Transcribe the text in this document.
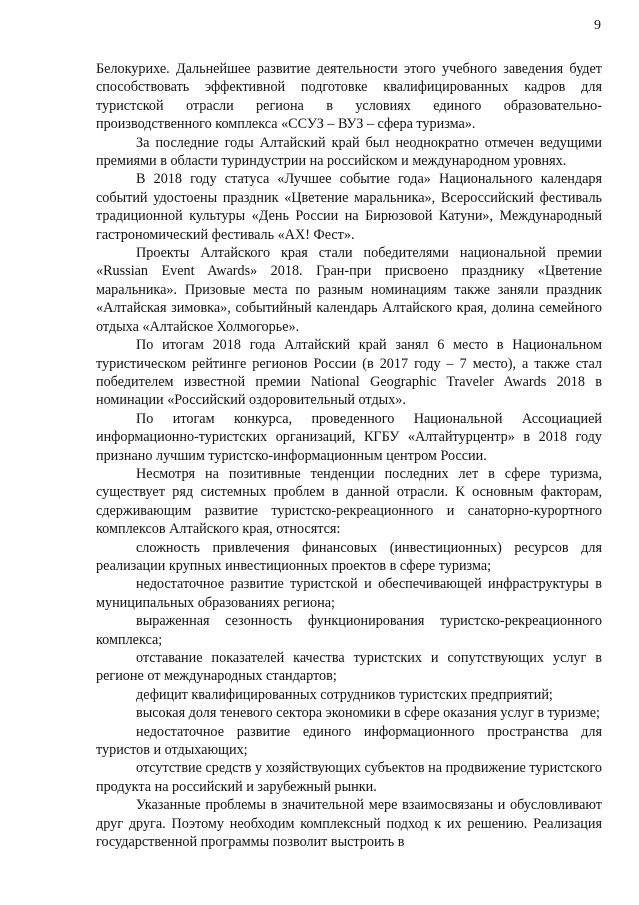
9

Белокурихе. Дальнейшее развитие деятельности этого учебного заведения будет способствовать эффективной подготовке квалифицированных кадров для туристской отрасли региона в условиях единого образовательно-производственного комплекса «ССУЗ – ВУЗ – сфера туризма».

За последние годы Алтайский край был неоднократно отмечен ведущими премиями в области туриндустрии на российском и международном уровнях.

В 2018 году статуса «Лучшее событие года» Национального календаря событий удостоены праздник «Цветение маральника», Всероссийский фестиваль традиционной культуры «День России на Бирюзовой Катуни», Международный гастрономический фестиваль «АХ! Фест».

Проекты Алтайского края стали победителями национальной премии «Russian Event Awards» 2018. Гран-при присвоено празднику «Цветение маральника». Призовые места по разным номинациям также заняли праздник «Алтайская зимовка», событийный календарь Алтайского края, долина семейного отдыха «Алтайское Холмогорье».

По итогам 2018 года Алтайский край занял 6 место в Национальном туристическом рейтинге регионов России (в 2017 году – 7 место), а также стал победителем известной премии National Geographic Traveler Awards 2018 в номинации «Российский оздоровительный отдых».

По итогам конкурса, проведенного Национальной Ассоциацией информационно-туристских организаций, КГБУ «Алтайтурцентр» в 2018 году признано лучшим туристско-информационным центром России.

Несмотря на позитивные тенденции последних лет в сфере туризма, существует ряд системных проблем в данной отрасли. К основным факторам, сдерживающим развитие туристско-рекреационного и санаторно-курортного комплексов Алтайского края, относятся:

сложность привлечения финансовых (инвестиционных) ресурсов для реализации крупных инвестиционных проектов в сфере туризма;

недостаточное развитие туристской и обеспечивающей инфраструктуры в муниципальных образованиях региона;

выраженная сезонность функционирования туристско-рекреационного комплекса;

отставание показателей качества туристских и сопутствующих услуг в регионе от международных стандартов;

дефицит квалифицированных сотрудников туристских предприятий;

высокая доля теневого сектора экономики в сфере оказания услуг в туризме;

недостаточное развитие единого информационного пространства для туристов и отдыхающих;

отсутствие средств у хозяйствующих субъектов на продвижение туристского продукта на российский и зарубежный рынки.

Указанные проблемы в значительной мере взаимосвязаны и обусловливают друг друга. Поэтому необходим комплексный подход к их решению. Реализация государственной программы позволит выстроить в
